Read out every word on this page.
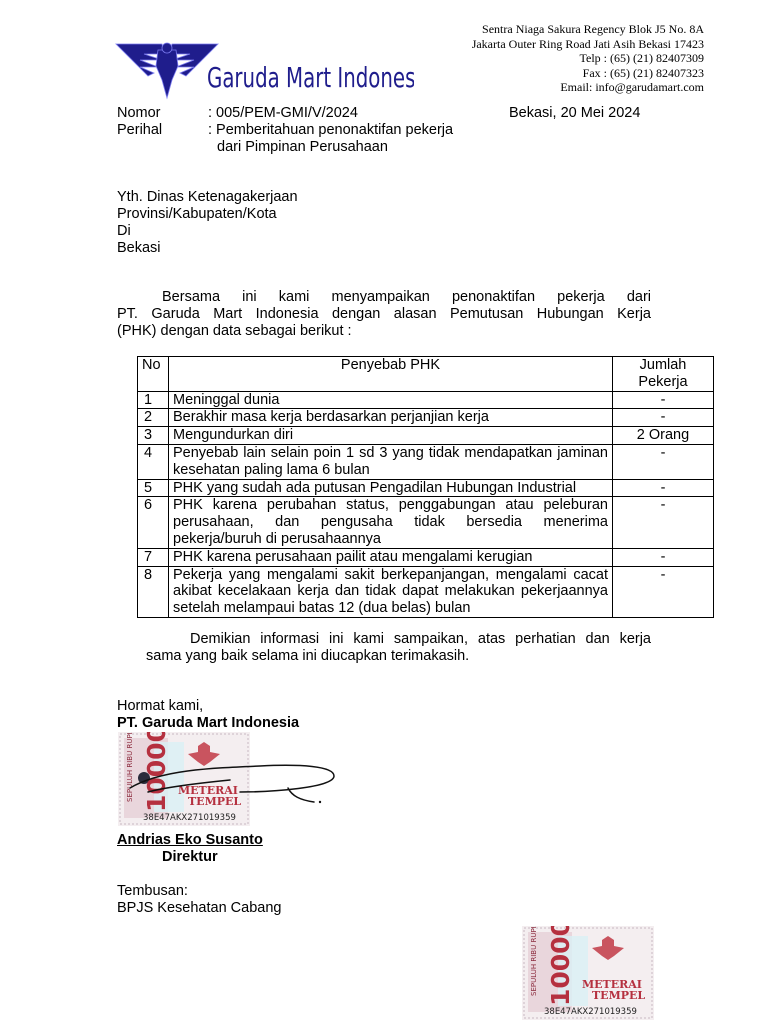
Garuda Mart Indonesia
Sentra Niaga Sakura Regency Blok J5 No. 8A
Jakarta Outer Ring Road Jati Asih Bekasi 17423
Telp : (65) (21) 82407309
Fax : (65) (21) 82407323
Email: info@garudamart.com
Nomor	: 005/PEM-GMI/V/2024	Bekasi, 20 Mei 2024
Perihal	: Pemberitahuan penonaktifan pekerja
dari Pimpinan Perusahaan
Yth. Dinas Ketenagakerjaan
Provinsi/Kabupaten/Kota
Di
Bekasi
Bersama ini kami menyampaikan penonaktifan pekerja dari
PT. Garuda Mart Indonesia dengan alasan Pemutusan Hubungan Kerja
(PHK) dengan data sebagai berikut :
No	Penyebab PHK	Jumlah Pekerja
1	Meninggal dunia	-
2	Berakhir masa kerja berdasarkan perjanjian kerja	-
3	Mengundurkan diri	2 Orang
4	Penyebab lain selain poin 1 sd 3 yang tidak mendapatkan jaminan kesehatan paling lama 6 bulan	-
5	PHK yang sudah ada putusan Pengadilan Hubungan Industrial	-
6	PHK karena perubahan status, penggabungan atau peleburan perusahaan, dan pengusaha tidak bersedia menerima pekerja/buruh di perusahaannya	-
7	PHK karena perusahaan pailit atau mengalami kerugian	-
8	Pekerja yang mengalami sakit berkepanjangan, mengalami cacat akibat kecelakaan kerja dan tidak dapat melakukan pekerjaannya setelah melampaui batas 12 (dua belas) bulan	-
Demikian informasi ini kami sampaikan, atas perhatian dan kerja
sama yang baik selama ini diucapkan terimakasih.
Hormat kami,
PT. Garuda Mart Indonesia
SEPULUH RIBU RUPIAH 10000 METERAI
TEMPEL
38E47AKX271019359
Andrias Eko Susanto
Direktur
Tembusan:
BPJS Kesehatan Cabang
SEPULUH RIBU RUPIAH 10000 METERAI
TEMPEL
38E47AKX271019359
